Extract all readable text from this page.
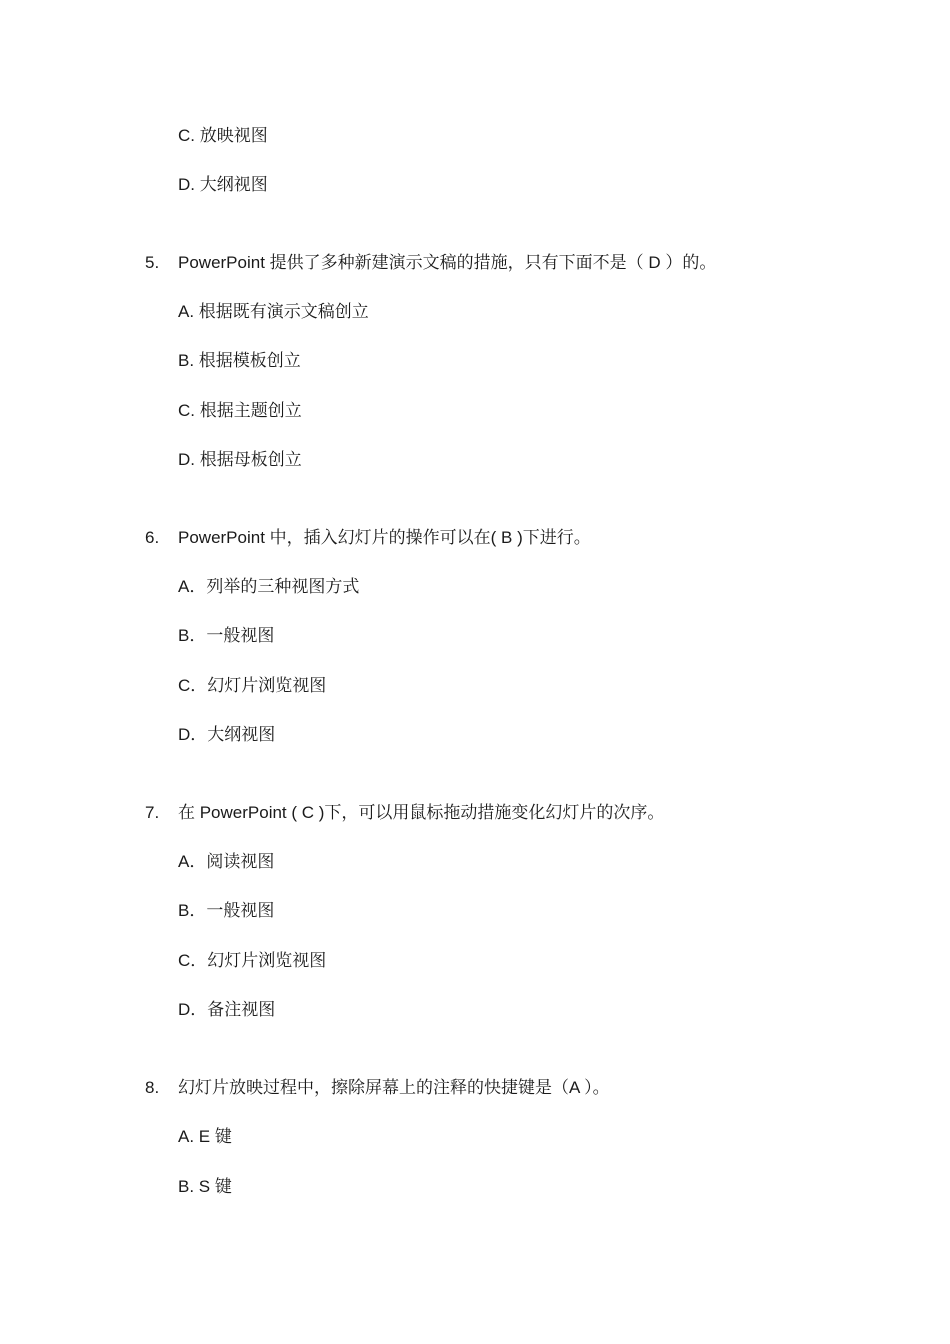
C. 放映视图
D. 大纲视图
5. PowerPoint 提供了多种新建演示文稿的措施，只有下面不是（ D ）的。
A. 根据既有演示文稿创立
B. 根据模板创立
C. 根据主题创立
D. 根据母板创立
6. PowerPoint 中，插入幻灯片的操作可以在( B )下进行。
A．列举的三种视图方式
B．一般视图
C．幻灯片浏览视图
D．大纲视图
7. 在 PowerPoint ( C )下，可以用鼠标拖动措施变化幻灯片的次序。
A．阅读视图
B．一般视图
C．幻灯片浏览视图
D．备注视图
8. 幻灯片放映过程中，擦除屏幕上的注释的快捷键是（A ）。
A. E 键
B. S 键
